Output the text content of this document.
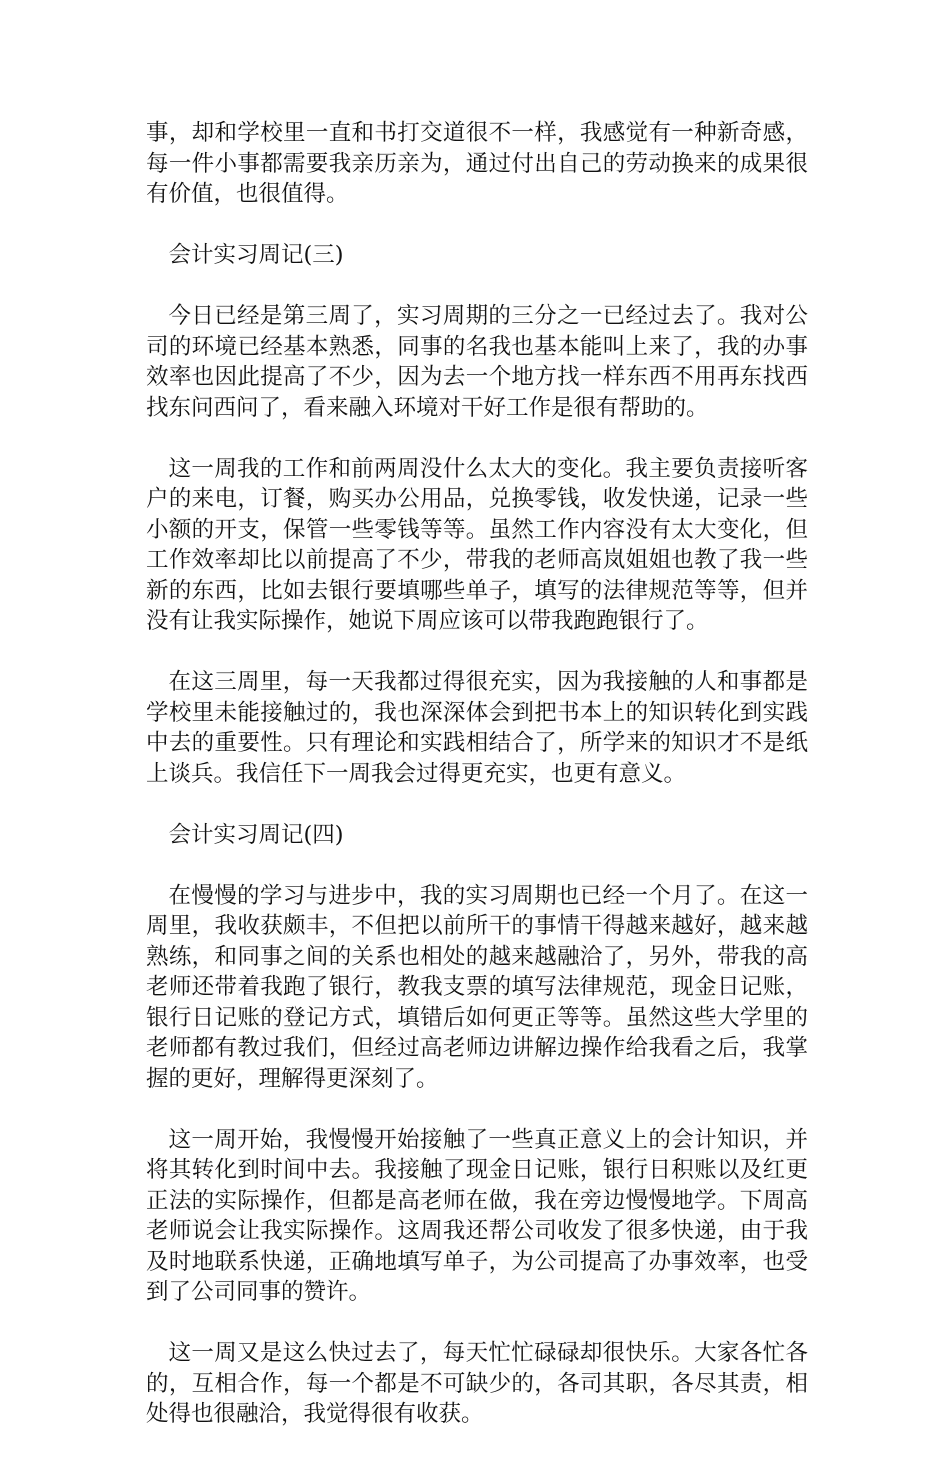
事，却和学校里一直和书打交道很不一样，我感觉有一种新奇感，每一件小事都需要我亲历亲为，通过付出自己的劳动换来的成果很有价值，也很值得。

会计实习周记(三)

今日已经是第三周了，实习周期的三分之一已经过去了。我对公司的环境已经基本熟悉，同事的名我也基本能叫上来了，我的办事效率也因此提高了不少，因为去一个地方找一样东西不用再东找西找东问西问了，看来融入环境对干好工作是很有帮助的。

这一周我的工作和前两周没什么太大的变化。我主要负责接听客户的来电，订餐，购买办公用品，兑换零钱，收发快递，记录一些小额的开支，保管一些零钱等等。虽然工作内容没有太大变化，但工作效率却比以前提高了不少，带我的老师高岚姐姐也教了我一些新的东西，比如去银行要填哪些单子，填写的法律规范等等，但并没有让我实际操作，她说下周应该可以带我跑跑银行了。

在这三周里，每一天我都过得很充实，因为我接触的人和事都是学校里未能接触过的，我也深深体会到把书本上的知识转化到实践中去的重要性。只有理论和实践相结合了，所学来的知识才不是纸上谈兵。我信任下一周我会过得更充实，也更有意义。

会计实习周记(四)

在慢慢的学习与进步中，我的实习周期也已经一个月了。在这一周里，我收获颇丰，不但把以前所干的事情干得越来越好，越来越熟练，和同事之间的关系也相处的越来越融洽了，另外，带我的高老师还带着我跑了银行，教我支票的填写法律规范，现金日记账，银行日记账的登记方式，填错后如何更正等等。虽然这些大学里的老师都有教过我们，但经过高老师边讲解边操作给我看之后，我掌握的更好，理解得更深刻了。

这一周开始，我慢慢开始接触了一些真正意义上的会计知识，并将其转化到时间中去。我接触了现金日记账，银行日积账以及红更正法的实际操作，但都是高老师在做，我在旁边慢慢地学。下周高老师说会让我实际操作。这周我还帮公司收发了很多快递，由于我及时地联系快递，正确地填写单子，为公司提高了办事效率，也受到了公司同事的赞许。

这一周又是这么快过去了，每天忙忙碌碌却很快乐。大家各忙各的，互相合作，每一个都是不可缺少的，各司其职，各尽其责，相处得也很融洽，我觉得很有收获。
